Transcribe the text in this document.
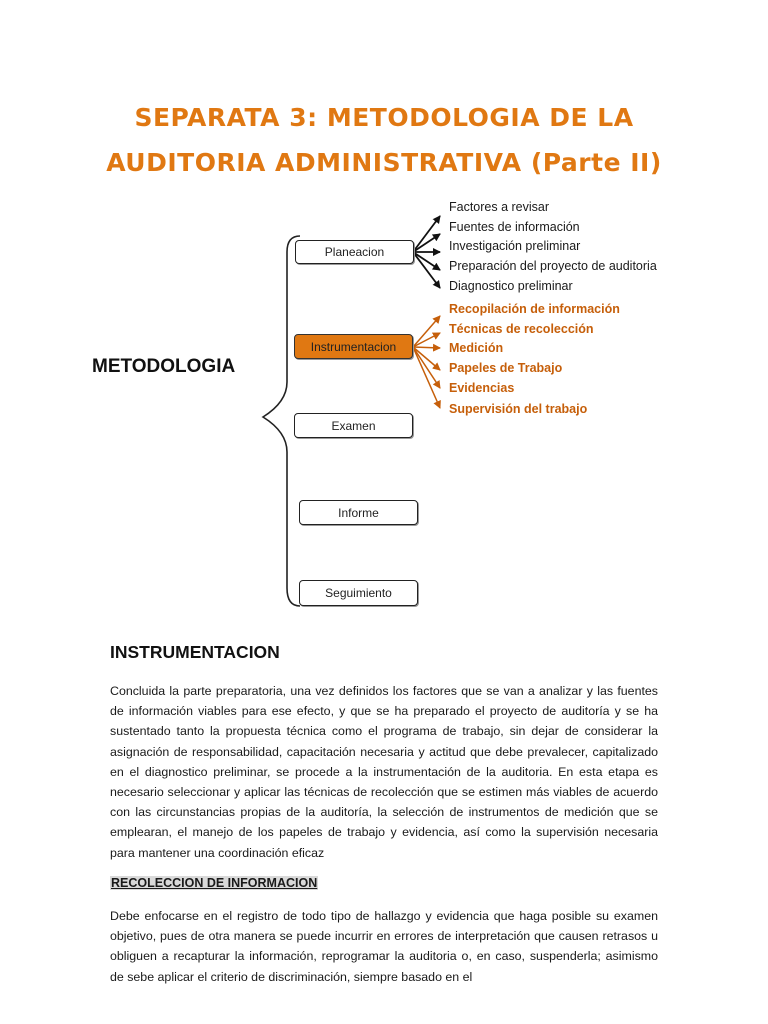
SEPARATA 3: METODOLOGIA DE LA
AUDITORIA ADMINISTRATIVA (Parte II)
METODOLOGIA
Planeacion
Instrumentacion
Examen
Informe
Seguimiento
Factores a revisar
Fuentes de información
Investigación preliminar
Preparación del proyecto de auditoria
Diagnostico preliminar
Recopilación de información
Técnicas de recolección
Medición
Papeles de Trabajo
Evidencias
Supervisión del trabajo
INSTRUMENTACION
Concluida la parte preparatoria, una vez definidos los factores que se van a analizar y las fuentes de información viables para ese efecto, y que se ha preparado el proyecto de auditoría y se ha sustentado tanto la propuesta técnica como el programa de trabajo, sin dejar de considerar la asignación de responsabilidad, capacitación necesaria y actitud que debe prevalecer, capitalizado en el diagnostico preliminar, se procede a la instrumentación de la auditoria. En esta etapa es necesario seleccionar y aplicar las técnicas de recolección que se estimen más viables de acuerdo con las circunstancias propias de la auditoría, la selección de instrumentos de medición que se emplearan, el manejo de los papeles de trabajo y evidencia, así como la supervisión necesaria para mantener una coordinación eficaz
RECOLECCION DE INFORMACION
Debe enfocarse en el registro de todo tipo de hallazgo y evidencia que haga posible su examen objetivo, pues de otra manera se puede incurrir en errores de interpretación que causen retrasos u obliguen a recapturar la información, reprogramar la auditoria o, en caso, suspenderla; asimismo de sebe aplicar el criterio de discriminación, siempre basado en el
